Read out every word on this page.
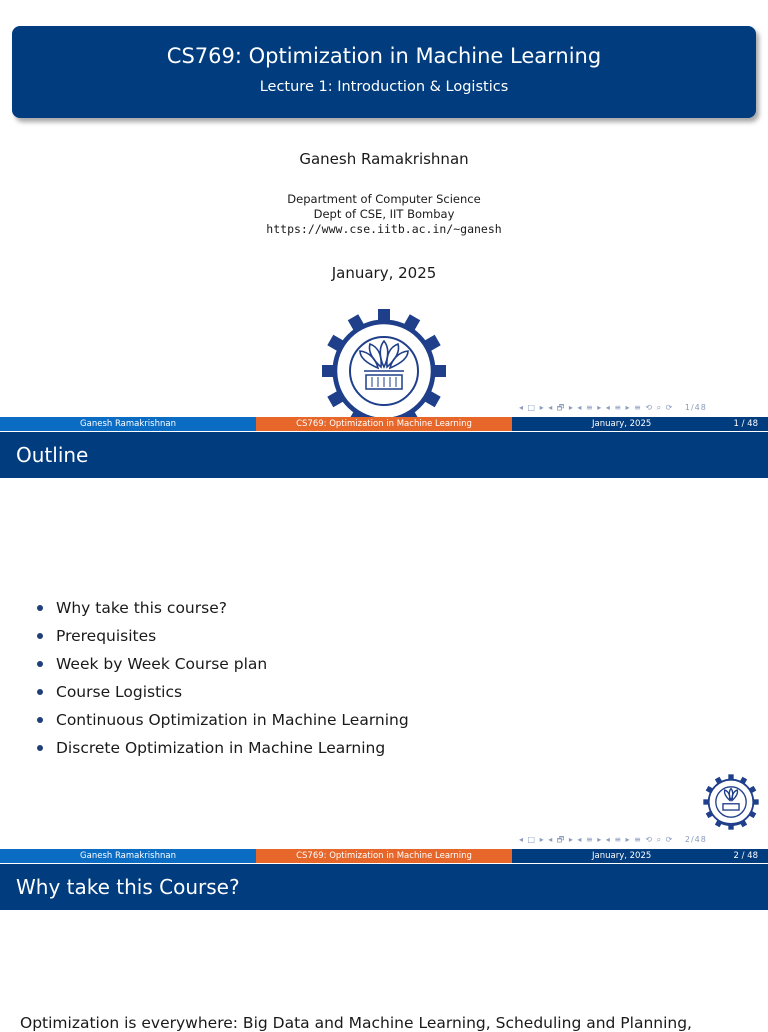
CS769: Optimization in Machine Learning
Lecture 1: Introduction & Logistics
Ganesh Ramakrishnan
Department of Computer Science
Dept of CSE, IIT Bombay
https://www.cse.iitb.ac.in/~ganesh
January, 2025
◂ □ ▸ ◂ 🗗 ▸ ◂ ≡ ▸ ◂ ≡ ▸ ≡ ⟲ ⌕ ⟳ 1/48
Ganesh Ramakrishnan	CS769: Optimization in Machine Learning	January, 2025	1 / 48
Outline
Why take this course?
Prerequisites
Week by Week Course plan
Course Logistics
Continuous Optimization in Machine Learning
Discrete Optimization in Machine Learning
◂ □ ▸ ◂ 🗗 ▸ ◂ ≡ ▸ ◂ ≡ ▸ ≡ ⟲ ⌕ ⟳ 2/48
Ganesh Ramakrishnan	CS769: Optimization in Machine Learning	January, 2025	2 / 48
Why take this Course?
Optimization is everywhere: Big Data and Machine Learning, Scheduling and Planning,
